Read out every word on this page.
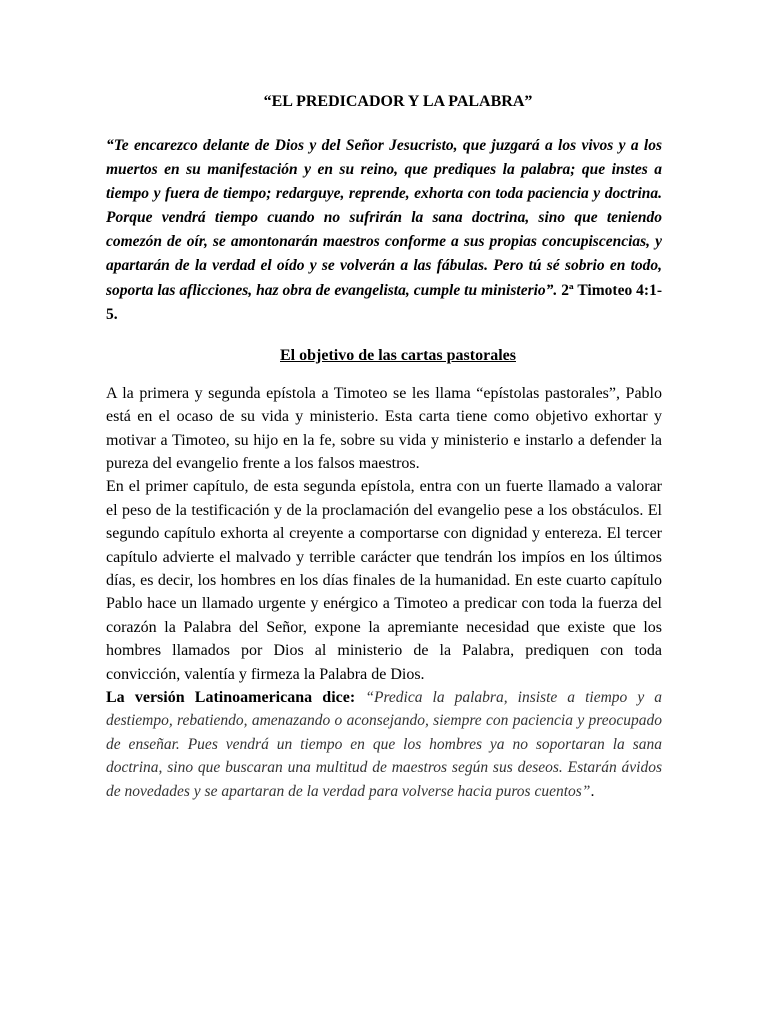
“EL PREDICADOR Y LA PALABRA”

“Te encarezco delante de Dios y del Señor Jesucristo, que juzgará a los vivos y a los muertos en su manifestación y en su reino, que prediques la palabra; que instes a tiempo y fuera de tiempo; redarguye, reprende, exhorta con toda paciencia y doctrina. Porque vendrá tiempo cuando no sufrirán la sana doctrina, sino que teniendo comezón de oír, se amontonarán maestros conforme a sus propias concupiscencias, y apartarán de la verdad el oído y se volverán a las fábulas. Pero tú sé sobrio en todo, soporta las aflicciones, haz obra de evangelista, cumple tu ministerio”. 2ª Timoteo 4:1-5.

El objetivo de las cartas pastorales

A la primera y segunda epístola a Timoteo se les llama “epístolas pastorales”, Pablo está en el ocaso de su vida y ministerio. Esta carta tiene como objetivo exhortar y motivar a Timoteo, su hijo en la fe, sobre su vida y ministerio e instarlo a defender la pureza del evangelio frente a los falsos maestros.

En el primer capítulo, de esta segunda epístola, entra con un fuerte llamado a valorar el peso de la testificación y de la proclamación del evangelio pese a los obstáculos. El segundo capítulo exhorta al creyente a comportarse con dignidad y entereza. El tercer capítulo advierte el malvado y terrible carácter que tendrán los impíos en los últimos días, es decir, los hombres en los días finales de la humanidad. En este cuarto capítulo Pablo hace un llamado urgente y enérgico a Timoteo a predicar con toda la fuerza del corazón la Palabra del Señor, expone la apremiante necesidad que existe que los hombres llamados por Dios al ministerio de la Palabra, prediquen con toda convicción, valentía y firmeza la Palabra de Dios.

La versión Latinoamericana dice: “Predica la palabra, insiste a tiempo y a destiempo, rebatiendo, amenazando o aconsejando, siempre con paciencia y preocupado de enseñar. Pues vendrá un tiempo en que los hombres ya no soportaran la sana doctrina, sino que buscaran una multitud de maestros según sus deseos. Estarán ávidos de novedades y se apartaran de la verdad para volverse hacia puros cuentos”.
